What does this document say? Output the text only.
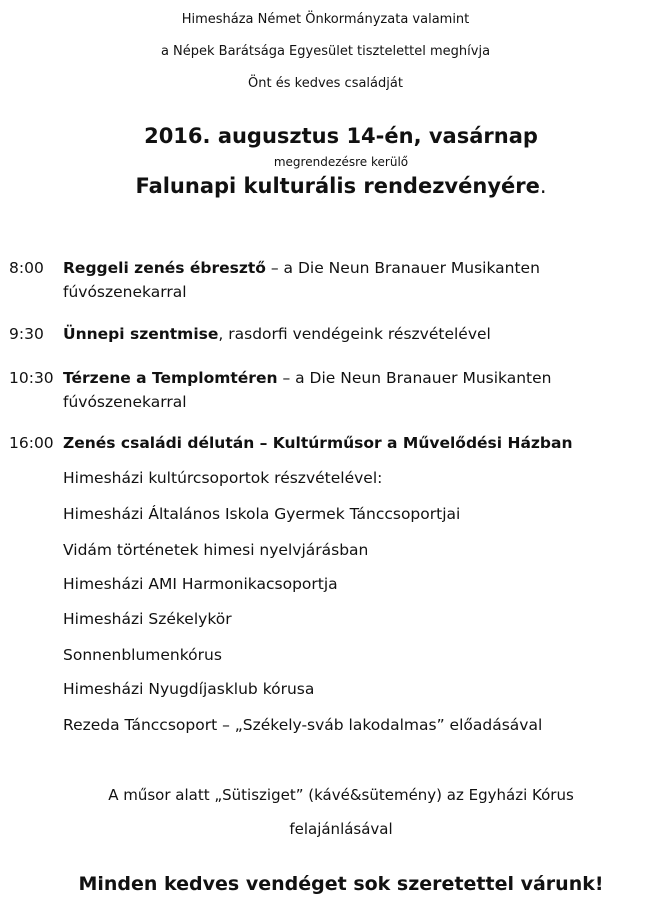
Himesháza Német Önkormányzata valamint
a Népek Barátsága Egyesület tisztelettel meghívja
Önt és kedves családját
2016. augusztus 14-én, vasárnap
megrendezésre kerülő
Falunapi kulturális rendezvényére.
8:00 Reggeli zenés ébresztő – a Die Neun Branauer Musikanten
fúvószenekarral
9:30 Ünnepi szentmise, rasdorfi vendégeink részvételével
10:30 Térzene a Templomtéren – a Die Neun Branauer Musikanten
fúvószenekarral
16:00 Zenés családi délután – Kultúrműsor a Művelődési Házban
Himesházi kultúrcsoportok részvételével:
Himesházi Általános Iskola Gyermek Tánccsoportjai
Vidám történetek himesi nyelvjárásban
Himesházi AMI Harmonikacsoportja
Himesházi Székelykör
Sonnenblumenkórus
Himesházi Nyugdíjasklub kórusa
Rezeda Tánccsoport – „Székely-sváb lakodalmas” előadásával
A műsor alatt „Sütisziget” (kávé&sütemény) az Egyházi Kórus
felajánlásával
Minden kedves vendéget sok szeretettel várunk!
